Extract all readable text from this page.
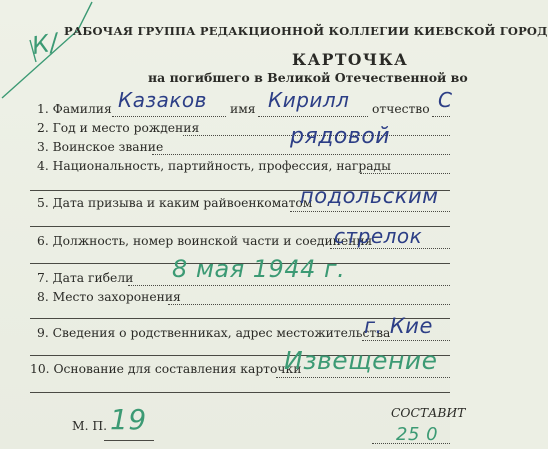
К/ РАБОЧАЯ ГРУППА РЕДАКЦИОННОЙ КОЛЛЕГИИ КИЕВСКОЙ ГОРОД
КАРТОЧКА
на погибшего в Великой Отечественной во
1. Фамилия Казаков имя Кирилл отчество С
2. Год и место рождения
3. Воинское звание	рядовой
4. Национальность, партийность, профессия, награды
5. Дата призыва и каким райвоенкоматом
подольским
6. Должность, номер воинской части и соединения
стрелок
7. Дата гибели 8 мая 1944 г.
8. Место захоронения
9. Сведения о родственниках, адрес местожительства
г. Кие
10. Основание для составления карточки
Извещение
М. П. 19	СОСТАВИТ
25 0
